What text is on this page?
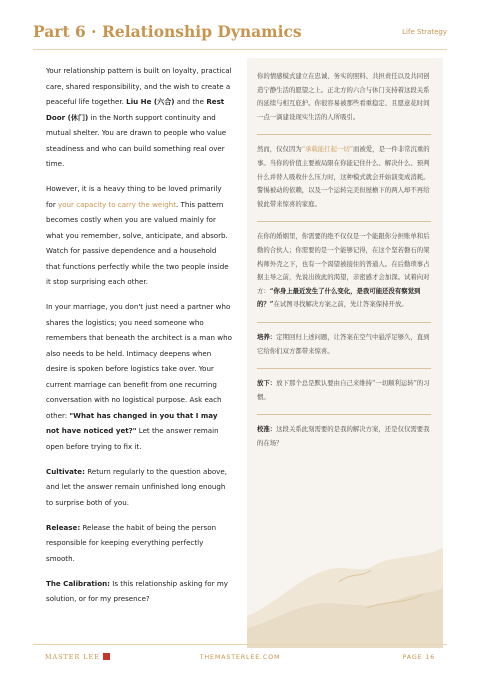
Part 6 · Relationship Dynamics	Life Strategy

Your relationship pattern is built on loyalty, practical care, shared responsibility, and the wish to create a peaceful life together. Liu He (六合) and the Rest Door (休门) in the North support continuity and mutual shelter. You are drawn to people who value steadiness and who can build something real over time.

However, it is a heavy thing to be loved primarily for your capacity to carry the weight. This pattern becomes costly when you are valued mainly for what you remember, solve, anticipate, and absorb. Watch for passive dependence and a household that functions perfectly while the two people inside it stop surprising each other.

In your marriage, you don't just need a partner who shares the logistics; you need someone who remembers that beneath the architect is a man who also needs to be held. Intimacy deepens when desire is spoken before logistics take over. Your current marriage can benefit from one recurring conversation with no logistical purpose. Ask each other: "What has changed in you that I may not have noticed yet?" Let the answer remain open before trying to fix it.

Cultivate: Return regularly to the question above, and let the answer remain unfinished long enough to surprise both of you.

Release: Release the habit of being the person responsible for keeping everything perfectly smooth.

The Calibration: Is this relationship asking for my solution, or for my presence?

你的情感模式建立在忠诚、务实的照料、共担责任以及共同创造宁静生活的愿望之上。正北方的六合与休门支持着这段关系的延续与相互庇护。你很容易被那些看重稳定、且愿意花时间一点一滴建设现实生活的人所吸引。

然而，仅仅因为“承载能扛起一切”而被爱，是一件非常沉重的事。当你的价值主要被局限在你能记住什么、解决什么、预判什么并替人吸收什么压力时，这种模式就会开始演变成消耗。警惕被动的依赖，以及一个运转完美但屋檐下的两人却不再给彼此带来惊喜的家庭。

在你的婚姻里，你需要的绝不仅仅是一个能跟你分担账单和后勤的合伙人；你需要的是一个能够记得，在这个坚若磐石的架构师外壳之下，也有一个渴望被接住的普通人。在后勤琐事占据主导之前，先说出彼此的渴望，亲密感才会加深。试着向对方：“你身上最近发生了什么变化，是我可能还没有察觉到的？”在试图寻找解决方案之前，先让答案保持开放。

培养：定期回归上述问题，让答案在空气中悬浮足够久，直到它给你们双方都带来惊喜。

放下：放下那个总是默认要由自己来维持“一切顺利运转”的习惯。

校准：这段关系此刻需要的是我的解决方案，还是仅仅需要我的在场？

MASTER LEE	THEMASTERLEE.COM	PAGE 16
